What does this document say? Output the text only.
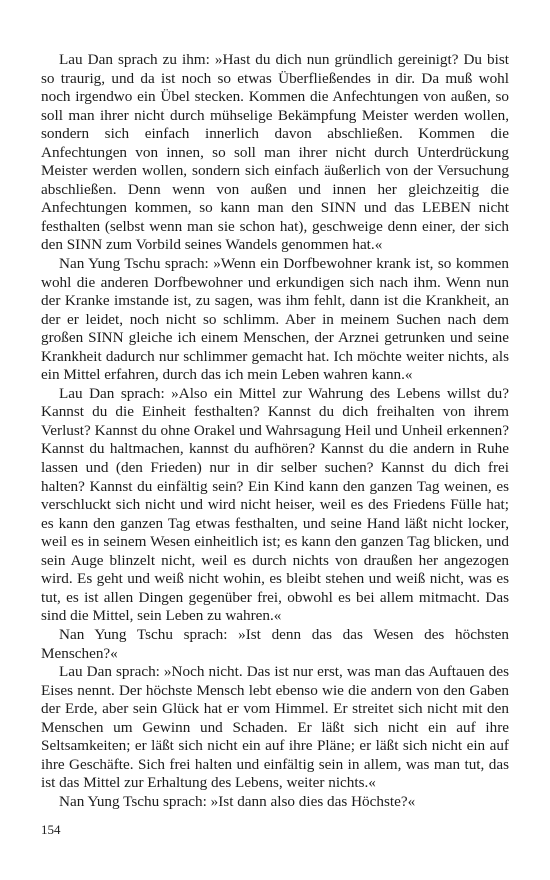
Lau Dan sprach zu ihm: »Hast du dich nun gründlich gereinigt? Du bist so traurig, und da ist noch so etwas Überfließendes in dir. Da muß wohl noch irgendwo ein Übel stecken. Kommen die Anfechtungen von außen, so soll man ihrer nicht durch mühselige Bekämpfung Meister werden wollen, sondern sich einfach innerlich davon abschließen. Kommen die Anfechtungen von innen, so soll man ihrer nicht durch Unterdrückung Meister werden wollen, sondern sich einfach äußerlich von der Versuchung abschließen. Denn wenn von außen und innen her gleichzeitig die Anfechtungen kommen, so kann man den SINN und das LEBEN nicht festhalten (selbst wenn man sie schon hat), geschweige denn einer, der sich den SINN zum Vorbild seines Wandels genommen hat.«

Nan Yung Tschu sprach: »Wenn ein Dorfbewohner krank ist, so kommen wohl die anderen Dorfbewohner und erkundigen sich nach ihm. Wenn nun der Kranke imstande ist, zu sagen, was ihm fehlt, dann ist die Krankheit, an der er leidet, noch nicht so schlimm. Aber in meinem Suchen nach dem großen SINN gleiche ich einem Menschen, der Arznei getrunken und seine Krankheit dadurch nur schlimmer gemacht hat. Ich möchte weiter nichts, als ein Mittel erfahren, durch das ich mein Leben wahren kann.«

Lau Dan sprach: »Also ein Mittel zur Wahrung des Lebens willst du? Kannst du die Einheit festhalten? Kannst du dich freihalten von ihrem Verlust? Kannst du ohne Orakel und Wahrsagung Heil und Unheil erkennen? Kannst du haltmachen, kannst du aufhören? Kannst du die andern in Ruhe lassen und (den Frieden) nur in dir selber suchen? Kannst du dich frei halten? Kannst du einfältig sein? Ein Kind kann den ganzen Tag weinen, es verschluckt sich nicht und wird nicht heiser, weil es des Friedens Fülle hat; es kann den ganzen Tag etwas festhalten, und seine Hand läßt nicht locker, weil es in seinem Wesen einheitlich ist; es kann den ganzen Tag blicken, und sein Auge blinzelt nicht, weil es durch nichts von draußen her angezogen wird. Es geht und weiß nicht wohin, es bleibt stehen und weiß nicht, was es tut, es ist allen Dingen gegenüber frei, obwohl es bei allem mitmacht. Das sind die Mittel, sein Leben zu wahren.«

Nan Yung Tschu sprach: »Ist denn das das Wesen des höchsten Menschen?«

Lau Dan sprach: »Noch nicht. Das ist nur erst, was man das Auftauen des Eises nennt. Der höchste Mensch lebt ebenso wie die andern von den Gaben der Erde, aber sein Glück hat er vom Himmel. Er streitet sich nicht mit den Menschen um Gewinn und Schaden. Er läßt sich nicht ein auf ihre Seltsamkeiten; er läßt sich nicht ein auf ihre Pläne; er läßt sich nicht ein auf ihre Geschäfte. Sich frei halten und einfältig sein in allem, was man tut, das ist das Mittel zur Erhaltung des Lebens, weiter nichts.«

Nan Yung Tschu sprach: »Ist dann also dies das Höchste?«

154
